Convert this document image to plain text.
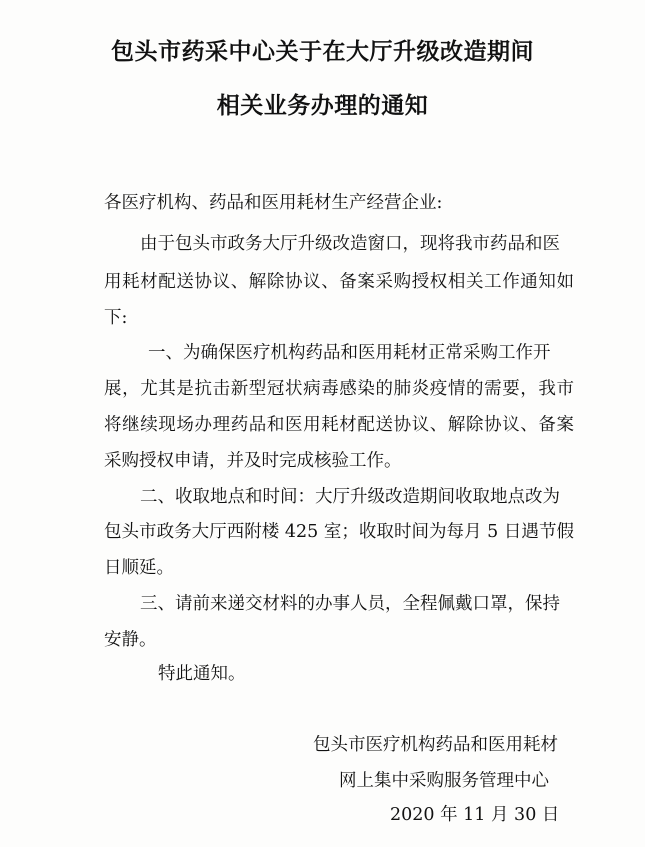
包头市药采中心关于在大厅升级改造期间
相关业务办理的通知

各医疗机构、药品和医用耗材生产经营企业:

由于包头市政务大厅升级改造窗口，现将我市药品和医

用耗材配送协议、解除协议、备案采购授权相关工作通知如

下:

一、为确保医疗机构药品和医用耗材正常采购工作开

展，尤其是抗击新型冠状病毒感染的肺炎疫情的需要，我市

将继续现场办理药品和医用耗材配送协议、解除协议、备案

采购授权申请，并及时完成核验工作。

二、收取地点和时间：大厅升级改造期间收取地点改为

包头市政务大厅西附楼 425 室；收取时间为每月 5 日遇节假

日顺延。

三、请前来递交材料的办事人员，全程佩戴口罩，保持

安静。

特此通知。

包头市医疗机构药品和医用耗材

网上集中采购服务管理中心

2020 年 11 月 30 日
